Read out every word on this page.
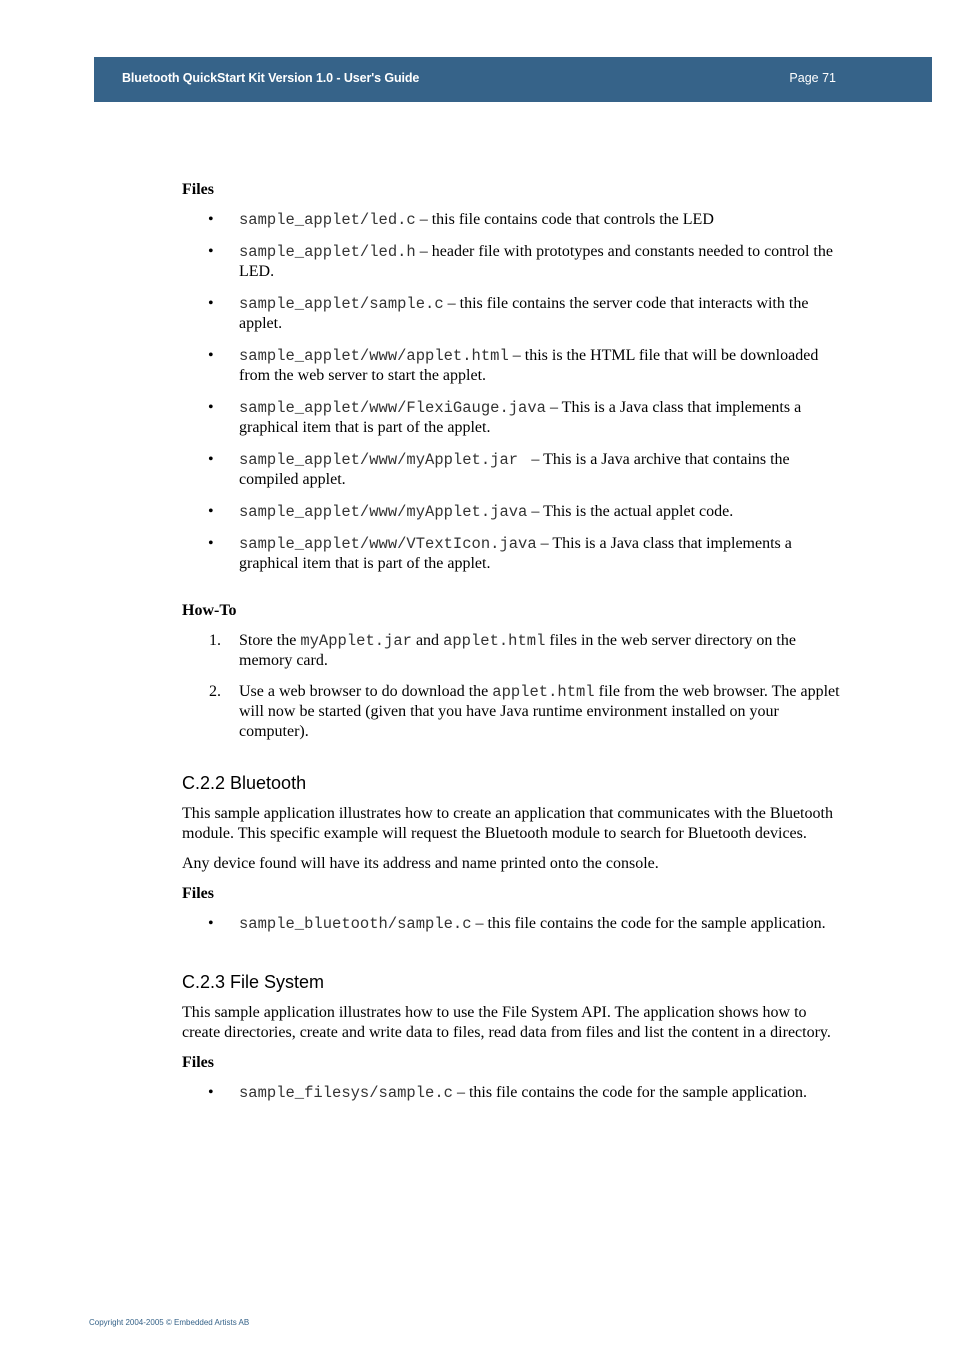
Bluetooth QuickStart Kit Version 1.0 - User's Guide	Page 71

Files

• sample_applet/led.c – this file contains code that controls the LED
• sample_applet/led.h – header file with prototypes and constants needed to control the LED.
• sample_applet/sample.c – this file contains the server code that interacts with the applet.
• sample_applet/www/applet.html – this is the HTML file that will be downloaded from the web server to start the applet.
• sample_applet/www/FlexiGauge.java – This is a Java class that implements a graphical item that is part of the applet.
• sample_applet/www/myApplet.jar  – This is a Java archive that contains the compiled applet.
• sample_applet/www/myApplet.java – This is the actual applet code.
• sample_applet/www/VTextIcon.java – This is a Java class that implements a graphical item that is part of the applet.

How-To

1. Store the myApplet.jar and applet.html files in the web server directory on the memory card.
2. Use a web browser to do download the applet.html file from the web browser. The applet will now be started (given that you have Java runtime environment installed on your computer).
C.2.2 Bluetooth

This sample application illustrates how to create an application that communicates with the Bluetooth module. This specific example will request the Bluetooth module to search for Bluetooth devices.

Any device found will have its address and name printed onto the console.

Files

• sample_bluetooth/sample.c – this file contains the code for the sample application.
C.2.3 File System

This sample application illustrates how to use the File System API. The application shows how to create directories, create and write data to files, read data from files and list the content in a directory.

Files

• sample_filesys/sample.c – this file contains the code for the sample application.
Copyright 2004-2005 © Embedded Artists AB
